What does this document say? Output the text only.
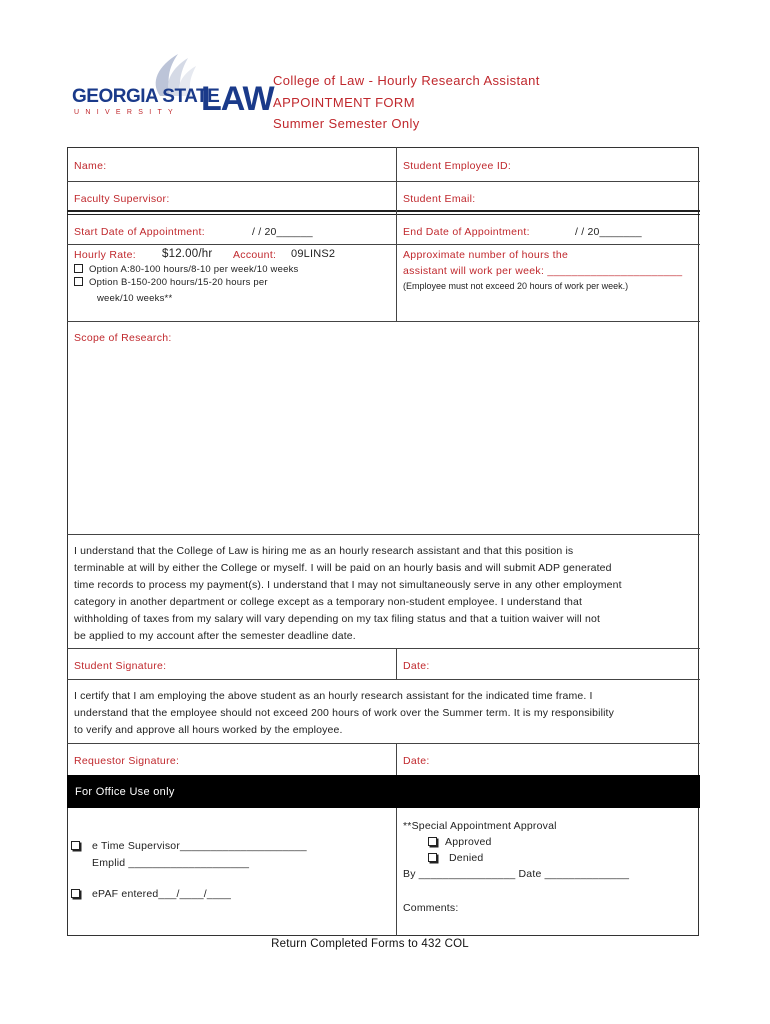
GEORGIA STATE
UNIVERSITY LAW College of Law - Hourly Research Assistant
APPOINTMENT FORM
Summer Semester Only
Name:	Student Employee ID:
Faculty Supervisor:	Student Email:
Start Date of Appointment:	/ / 20______	End Date of Appointment:	/ / 20_______
Hourly Rate: $12.00/hr Account: 09LINS2
Option A:80-100 hours/8-10 per week/10 weeks
Option B-150-200 hours/15-20 hours per
week/10 weeks**
Approximate number of hours the
assistant will work per week: ______________________
(Employee must not exceed 20 hours of work per week.)
Scope of Research:
I understand that the College of Law is hiring me as an hourly research assistant and that this position is
terminable at will by either the College or myself. I will be paid on an hourly basis and will submit ADP generated
time records to process my payment(s). I understand that I may not simultaneously serve in any other employment
category in another department or college except as a temporary non-student employee. I understand that
withholding of taxes from my salary will vary depending on my tax filing status and that a tuition waiver will not
be applied to my account after the semester deadline date.
Student Signature:	Date:
I certify that I am employing the above student as an hourly research assistant for the indicated time frame. I
understand that the employee should not exceed 200 hours of work over the Summer term. It is my responsibility
to verify and approve all hours worked by the employee.
Requestor Signature:	Date:
For Office Use only
e Time Supervisor_____________________
Emplid ____________________
ePAF entered___/____/____
**Special Appointment Approval
Approved
Denied
By ________________ Date ______________
Comments:
Return Completed Forms to 432 COL
